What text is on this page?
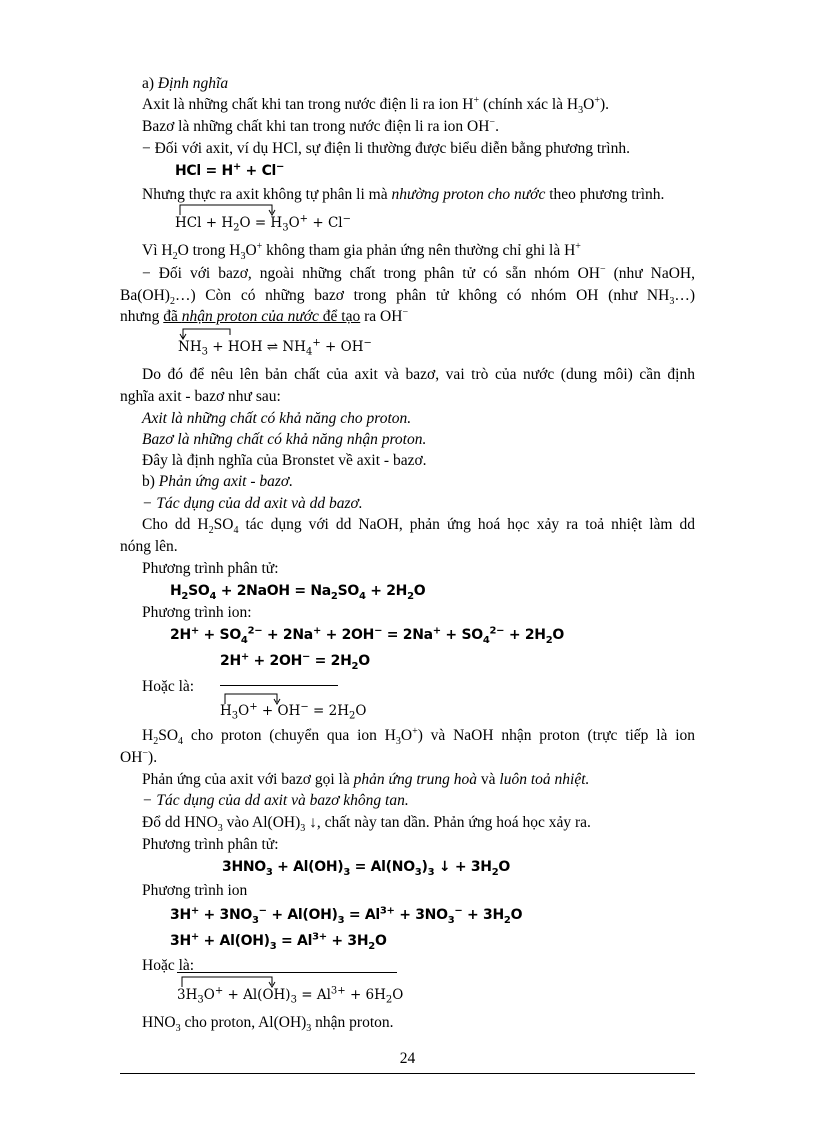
a) Định nghĩa
Axit là những chất khi tan trong nước điện li ra ion H+ (chính xác là $H_3O^+$).
Bazơ là những chất khi tan trong nước điện li ra ion OH−.
− Đối với axit, ví dụ HCl, sự điện li thường được biểu diễn bằng phương trình.
HCl = H+ + Cl−
Nhưng thực ra axit không tự phân li mà nhường proton cho nước theo phương trình.
HCl + $H_2O = H_3O^+ + Cl^-$
Vì $H_2O$ trong $H_3O^+$ không tham gia phản ứng nên thường chỉ ghi là H+
− Đối với bazơ, ngoài những chất trong phân tử có sẵn nhóm OH− (như NaOH,
$Ba(OH)_2\dots$) Còn có những bazơ trong phân tử không có nhóm OH (như $NH_3\dots$)
nhưng đã nhận proton của nước để tạo ra OH−
$NH_3$ + HOH ⇌ $NH_4^+ + OH^-$
Do đó để nêu lên bản chất của axit và bazơ, vai trò của nước (dung môi) cần định
nghĩa axit - bazơ như sau:
Axit là những chất có khả năng cho proton.
Bazơ là những chất có khả năng nhận proton.
Đây là định nghĩa của Bronstet về axit - bazơ.
b) Phản ứng axit - bazơ.
− Tác dụng của dd axit và dd bazơ.
Cho dd $H_2SO_4$ tác dụng với dd NaOH, phản ứng hoá học xảy ra toả nhiệt làm dd
nóng lên.
Phương trình phân tử:
$H_2SO_4$ + 2NaOH = $Na_2SO_4 + 2H_2O$
Phương trình ion:
$2H^+ + SO_4^{2-} + 2Na^+ + 2OH^- = 2Na^+ + SO_4^{2-} + 2H_2O$
$2H^+ + 2OH^- = 2H_2O$
Hoặc là:
$H_3O^+ + OH^- = 2H_2O$
$H_2SO_4$ cho proton (chuyển qua ion $H_3O^+$) và NaOH nhận proton (trực tiếp là ion
OH−).
Phản ứng của axit với bazơ gọi là phản ứng trung hoà và luôn toả nhiệt.
− Tác dụng của dd axit và bazơ không tan.
Đổ dd $HNO_3$ vào $Al(OH)_3$ ↓, chất này tan dần. Phản ứng hoá học xảy ra.
Phương trình phân tử:
$3HNO_3 + Al(OH)_3 = Al(NO_3)_3$ ↓ + $3H_2O$
Phương trình ion
$3H^+ + 3NO_3^- + Al(OH)_3 = Al^{3+} + 3NO_3^- + 3H_2O$
$3H^+ + Al(OH)_3 = Al^{3+} + 3H_2O$
Hoặc là:
$3H_3O^+ + Al(OH)_3 = Al^{3+} + 6H_2O$
$HNO_3$ cho proton, $Al(OH)_3$ nhận proton.
24
